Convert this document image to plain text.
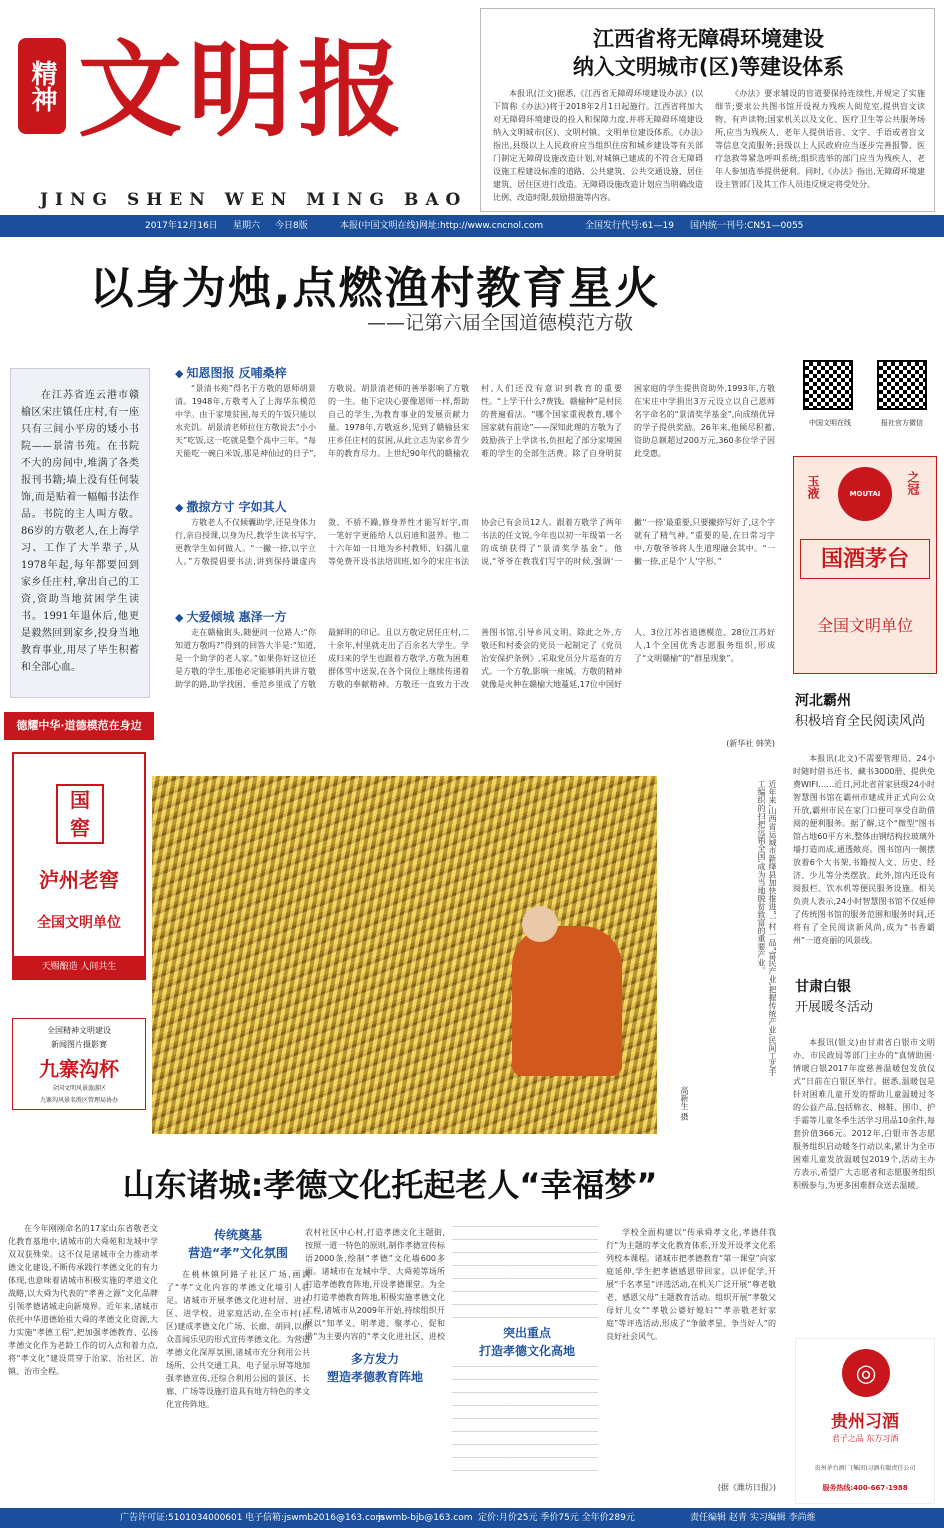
精神 文明报
JING SHEN WEN MING BAO
江西省将无障碍环境建设
纳入文明城市(区)等建设体系
本报讯(江文)据悉,《江西省无障碍环境建设办法》(以下简称《办法》)将于2018年2月1日起施行。江西省将加大对无障碍环境建设的投入和保障力度,并将无障碍环境建设纳入文明城市(区)、文明村镇、文明单位建设体系。《办法》指出,县级以上人民政府应当组织住房和城乡建设等有关部门制定无障碍设施改造计划,对城镇已建成的不符合无障碍设施工程建设标准的道路、公共建筑、公共交通设施、居住建筑、居住区进行改造。无障碍设施改造计划应当明确改造比例、改造时限,鼓励措施等内容。
《办法》要求辅设的盲道要保持连续性,并规定了实施细节;要求公共图书馆开设视力残疾人阅览室,提供盲文读物、有声读物;国家机关以及文化、医疗卫生等公共服务场所,应当为残疾人、老年人提供语音、文字、手语或者盲文等信息交流服务;县级以上人民政府应当逐步完善报警、医疗急救等紧急呼叫系统;组织选举的部门应当为残疾人、老年人参加选举提供便利。同时,《办法》指出,无障碍环境建设主管部门及其工作人员违反规定将受处分。
2017年12月16日 星期六 今日8版	本报(中国文明在线)网址:http://www.cncnol.com	全国发行代号:61—19 国内统一刊号:CN51—0055
以身为烛,点燃渔村教育星火
——记第六届全国道德模范方敬
在江苏省连云港市赣榆区宋庄镇任庄村,有一座只有三间小平房的矮小书院——景清书苑。在书院不大的房间中,堆满了各类报刊书籍;墙上没有任何装饰,而是贴着一幅幅书法作品。书院的主人叫方敬。86岁的方敬老人,在上海学习、工作了大半辈子,从1978年起,每年都要回到家乡任庄村,拿出自己的工资,资助当地贫困学生读书。1991年退休后,他更是毅然回到家乡,投身当地教育事业,用尽了毕生积蓄和全部心血。
德耀中华·道德模范在身边
◆ 知恩图报 反哺桑梓
“景清书苑”得名于方敬的恩师胡景清。1948年,方敬考入了上海华东模范中学。由于家境贫困,每天的午饭只能以水充饥。胡景清老师拉住方敬说去“小小天”吃饭,这一吃就是整个高中三年。“每天能吃一碗白米饭,那是神仙过的日子”,方敬说。胡景清老师的善举影响了方敬的一生。他下定决心要像恩师一样,帮助自己的学生,为教育事业的发展贡献力量。1978年,方敬返乡,见到了赣榆县宋庄乡任庄村的贫困,从此立志为家乡青少年的教育尽力。上世纪90年代的赣榆农村,人们还没有意识到教育的重要性。“上学干什么?费钱。赣榆种”是村民的普遍看法。“哪个国家重视教育,哪个国家就有前途”——深知此理的方敬为了鼓励孩子上学读书,负担起了部分家境困难的学生的全部生活费。除了自身明贫困家庭的学生提供资助外,1993年,方敬在宋庄中学捐出3万元设立以自己恩师名字命名的“景清奖学基金”,向成绩优异的学子提供奖励。26年来,他倾尽积蓄,资助总额超过200万元,360多位学子因此受惠。
◆ 撒掠方寸 字如其人
方敬老人不仅倾囊助学,还是身体力行,亲自授课,以身为尺,教学生读书写字,更教学生如何做人。“一撇一捺,以字立人。”方敬提倡要书法,讲到保持谦虚内敛、不骄不躁,修身养性才能写好字,而一笔好字更能给人以启迪和滋养。他二十六年如一日地为乡村教师、妇孺儿童等免费开设书法培训班,如今的宋庄书法协会已有会员12人。跟着方敬学了两年书法的任文锐,今年也以初一年级第一名的成绩获得了“景清奖学基金”。他说,“爷爷在教我们写字的时候,强调‘一撇’‘一捺’最重要,只要撇捺写好了,这个字就有了精气神。”重要的是,在日常习字中,方敬爷爷将人生道理融会其中。“一撇一捺,正是个‘人’字形。”
◆ 大爱倾城 惠泽一方
走在赣榆街头,随便问一位路人:“你知道方敬吗?”得到的回答大半是:“知道,是一个助学的老人家。”如果你好这位还是方敬的学生,那他必定能够明共讲方敬助学的路,助学找困、垂范乡里成了方敬最鲜明的印记。且以方敬定居任庄村,二十余年,村里就走出了百余名大学生。学成归来的学生也跟着方敬学,方敬为困难群体雪中送炭,在各个岗位上继续传递着方敬的奉献精神。方敬还一直致力于改善图书馆,引导乡风文明。除此之外,方敬还和村委会的党员一起制定了《党员治安保护条例》,采取党员分片巡查的方式。一个方敬,影响一座城。方敬的精神就像是火种在赣榆大地蔓延,17位中国好人、3位江苏省道德模范、28位江苏好人,1个全国优秀志愿服务组织,形成了“文明赣榆”的“群星现象”。
(新华社 韩笑)
中国文明在线	报社官方微信
玉液	之冠
MOUTAI
国酒茅台
全国文明单位
河北霸州
积极培育全民阅读风尚
本报讯(北文)不需要管理员、24小时随时借书还书、藏书3000册、提供免费WIFI……近日,河北省首家县级24小时智慧图书馆在霸州市建成并正式向公众开放,霸州市民在家门口便可享受自助借阅的便利服务。据了解,这个“微型”图书馆占地60平方米,整体由钢结构拉玻璃外墙打造而成,通透敞亮。图书馆内一侧摆放着6个大书架,书籍按人文、历史、经济、少儿等分类摆放。此外,馆内还设有阅报栏、饮水机等便民服务设施。相关负责人表示,24小时智慧图书馆不仅延伸了传统图书馆的服务范围和服务时间,还将有了全民阅读新风尚,成为“书香霸州”一道亮丽的风景线。
甘肃白银
开展暖冬活动
本报讯(银文)由甘肃省白银市文明办、市民政局等部门主办的“真情助困·情暖白银2017年度慈善温暖包发放仪式”日前在白银区举行。据悉,温暖包是针对困难儿童开发的帮助儿童温暖过冬的公益产品,包括棉衣、棉鞋、围巾、护手霜等儿童冬季生活学习用品10余件,每套价值366元。2012年,白银市各志愿服务组织启动暖冬行动以来,累计为全市困难儿童发放温暖包2019个,活动主办方表示,希望广大志愿者和志愿服务组织积极参与,为更多困难群众送去温暖。
◎
贵州习酒
君子之品 东方习酒
贵州茅台酒厂(集团)习酒有限责任公司
服务热线:400-667-1988
国
窖
泸州老窖
全国文明单位
天赐酿造 人间共生
全国精神文明建设
新闻图片摄影赛
九寨沟杯
全国文明风景旅游区
九寨沟风景名胜区管理局协办
近年来,山西省运城市新绛县加快推进“一村一品”富民产业,把握传统产业,民间工艺手工编织的扫把远销全国,成为当地脱贫致富的重要产业。
高新生 摄
山东诸城:孝德文化托起老人“幸福梦”
在今年刚刚命名的17家山东省敬老文化教育基地中,诸城市的大舜苑和龙城中学双双获殊荣。这不仅是诸城市全力推动孝德文化建设,不断传承践行孝德文化的有力体现,也意味着诸城市积极实施的孝道文化战略,以大舜为代表的“孝善之源”文化品牌引领孝德诸城走向新境界。近年来,诸城市依托中华道德始祖大舜的孝德文化资源,大力实施“孝德工程”,把加强孝德教育、弘扬孝德文化作为老龄工作的切入点和着力点,将“孝文化”建设贯穿于治家、治社区、治镇、治市全程。
传统奠基
营造“孝”文化氛围
在桃林镇阿路子社区广场,画满了“孝”文化内容的孝德文化墙引人驻足。诸城市开展孝德文化进村居、进社区、进学校、进家庭活动,在全市村(社区)建成孝德文化广场、长廊、胡同,以群众喜闻乐见的形式宣传孝德文化。为营造孝德文化深厚氛围,诸城市充分利用公共场所、公共交通工具、电子显示屏等地加强孝德宣传,还综合利用公园的景区、长廊、广场等设施打造具有地方特色的孝文化宣传阵地。
农村社区中心村,打造孝德文化主题街,按照一道一特色的原则,制作孝德宣传标语2000条,绘制“孝德”文化墙600多面。诸城市在龙城中学、大舜苑等场所打造孝德教育阵地,开设孝德课堂。为全力打造孝德教育阵地,积极实施孝德文化工程,诸城市从2009年开始,持续组织开展以“知孝义、明孝道、聚孝心、促和谐”为主要内容的“孝文化进社区、进校
多方发力
塑造孝德教育阵地
突出重点
打造孝德文化高地
学校全面构建以“传承舜孝文化,孝德伴我行”为主题的孝文化教育体系,开发开设孝文化系列校本课程。诸城市把孝德教育“第一课堂”向家庭延伸,学生把孝德感恩带回家。以评促学,开展“千名孝星”评选活动,在机关广泛开展“尊老敬老、感恩父母”主题教育活动。组织开展“孝敬父母好儿女”“孝敬公婆好媳妇”“孝亲敬老好家庭”等评选活动,形成了“争做孝星、争当好人”的良好社会风气。
(据《潍坊日报》)
广告许可证:5101034000601 电子信箱:jswmb2016@163.com
jswmb-bjb@163.com 定价:月价25元 季价75元 全年价289元	责任编辑 赵青 实习编辑 李尚维
